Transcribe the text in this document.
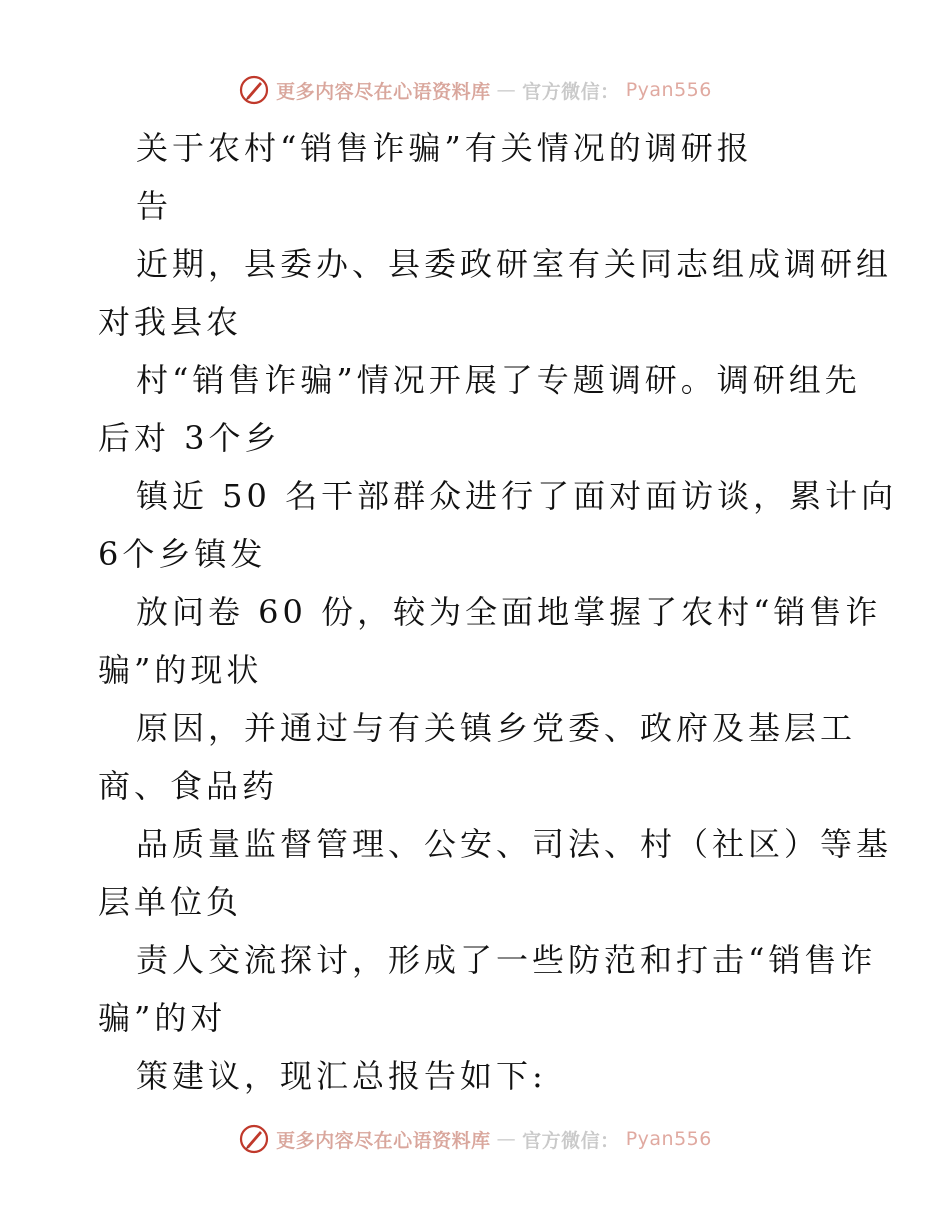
更多内容尽在心语资料库 — 官方微信： Pyan556
关于农村“销售诈骗”有关情况的调研报
告
近期，县委办、县委政研室有关同志组成调研组
对我县农
村“销售诈骗”情况开展了专题调研。调研组先
后对 3个乡
镇近 50 名干部群众进行了面对面访谈，累计向
6个乡镇发
放问卷 60 份，较为全面地掌握了农村“销售诈
骗”的现状
原因，并通过与有关镇乡党委、政府及基层工
商、食品药
品质量监督管理、公安、司法、村（社区）等基
层单位负
责人交流探讨，形成了一些防范和打击“销售诈
骗”的对
策建议，现汇总报告如下:
更多内容尽在心语资料库 — 官方微信： Pyan556
